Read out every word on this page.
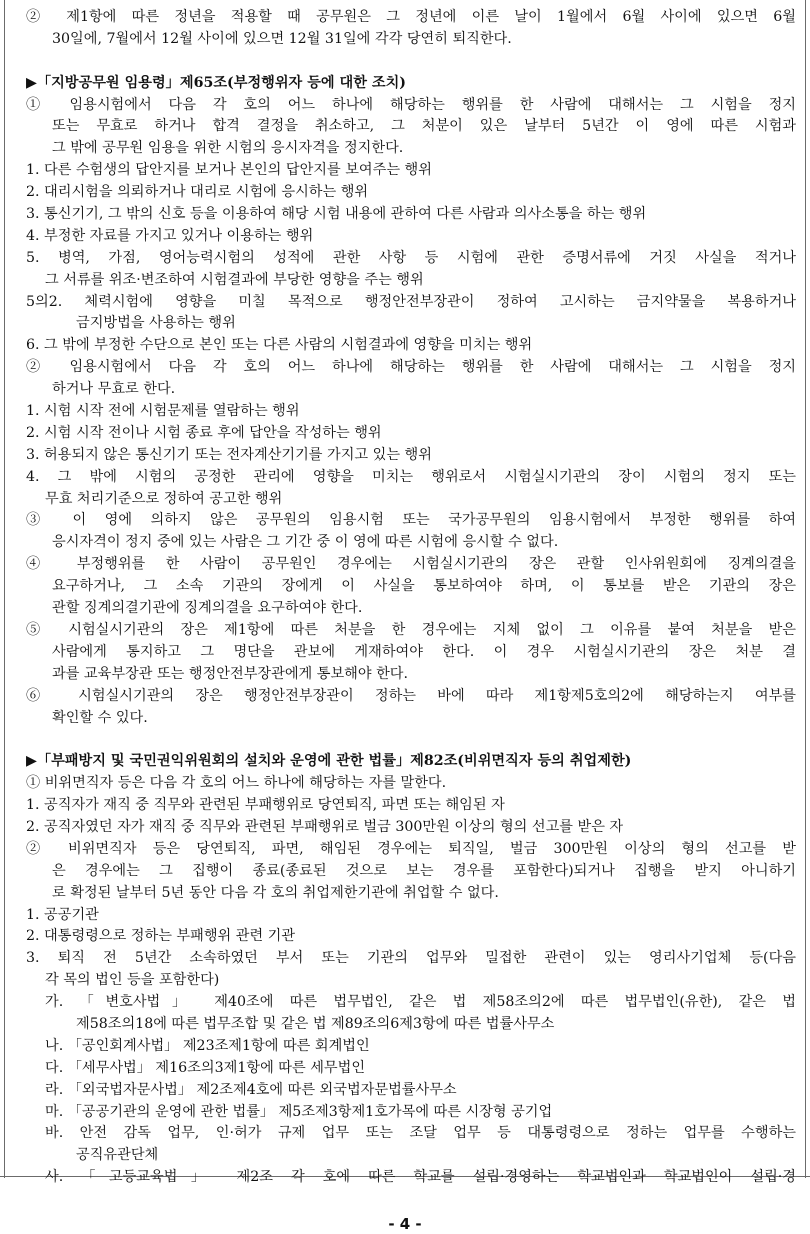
② 제1항에 따른 정년을 적용할 때 공무원은 그 정년에 이른 날이 1월에서 6월 사이에 있으면 6월
30일에, 7월에서 12월 사이에 있으면 12월 31일에 각각 당연히 퇴직한다.
▶「지방공무원 임용령」제65조(부정행위자 등에 대한 조치)
① 임용시험에서 다음 각 호의 어느 하나에 해당하는 행위를 한 사람에 대해서는 그 시험을 정지
또는 무효로 하거나 합격 결정을 취소하고, 그 처분이 있은 날부터 5년간 이 영에 따른 시험과
그 밖에 공무원 임용을 위한 시험의 응시자격을 정지한다.
1. 다른 수험생의 답안지를 보거나 본인의 답안지를 보여주는 행위
2. 대리시험을 의뢰하거나 대리로 시험에 응시하는 행위
3. 통신기기, 그 밖의 신호 등을 이용하여 해당 시험 내용에 관하여 다른 사람과 의사소통을 하는 행위
4. 부정한 자료를 가지고 있거나 이용하는 행위
5. 병역, 가점, 영어능력시험의 성적에 관한 사항 등 시험에 관한 증명서류에 거짓 사실을 적거나
그 서류를 위조·변조하여 시험결과에 부당한 영향을 주는 행위
5의2. 체력시험에 영향을 미칠 목적으로 행정안전부장관이 정하여 고시하는 금지약물을 복용하거나
금지방법을 사용하는 행위
6. 그 밖에 부정한 수단으로 본인 또는 다른 사람의 시험결과에 영향을 미치는 행위
② 임용시험에서 다음 각 호의 어느 하나에 해당하는 행위를 한 사람에 대해서는 그 시험을 정지
하거나 무효로 한다.
1. 시험 시작 전에 시험문제를 열람하는 행위
2. 시험 시작 전이나 시험 종료 후에 답안을 작성하는 행위
3. 허용되지 않은 통신기기 또는 전자계산기기를 가지고 있는 행위
4. 그 밖에 시험의 공정한 관리에 영향을 미치는 행위로서 시험실시기관의 장이 시험의 정지 또는
무효 처리기준으로 정하여 공고한 행위
③ 이 영에 의하지 않은 공무원의 임용시험 또는 국가공무원의 임용시험에서 부정한 행위를 하여
응시자격이 정지 중에 있는 사람은 그 기간 중 이 영에 따른 시험에 응시할 수 없다.
④ 부정행위를 한 사람이 공무원인 경우에는 시험실시기관의 장은 관할 인사위원회에 징계의결을
요구하거나, 그 소속 기관의 장에게 이 사실을 통보하여야 하며, 이 통보를 받은 기관의 장은
관할 징계의결기관에 징계의결을 요구하여야 한다.
⑤ 시험실시기관의 장은 제1항에 따른 처분을 한 경우에는 지체 없이 그 이유를 붙여 처분을 받은
사람에게 통지하고 그 명단을 관보에 게재하여야 한다. 이 경우 시험실시기관의 장은 처분 결
과를 교육부장관 또는 행정안전부장관에게 통보해야 한다.
⑥ 시험실시기관의 장은 행정안전부장관이 정하는 바에 따라 제1항제5호의2에 해당하는지 여부를
확인할 수 있다.
▶「부패방지 및 국민권익위원회의 설치와 운영에 관한 법률」제82조(비위면직자 등의 취업제한)
① 비위면직자 등은 다음 각 호의 어느 하나에 해당하는 자를 말한다.
1. 공직자가 재직 중 직무와 관련된 부패행위로 당연퇴직, 파면 또는 해임된 자
2. 공직자였던 자가 재직 중 직무와 관련된 부패행위로 벌금 300만원 이상의 형의 선고를 받은 자
② 비위면직자 등은 당연퇴직, 파면, 해임된 경우에는 퇴직일, 벌금 300만원 이상의 형의 선고를 받
은 경우에는 그 집행이 종료(종료된 것으로 보는 경우를 포함한다)되거나 집행을 받지 아니하기
로 확정된 날부터 5년 동안 다음 각 호의 취업제한기관에 취업할 수 없다.
1. 공공기관
2. 대통령령으로 정하는 부패행위 관련 기관
3. 퇴직 전 5년간 소속하였던 부서 또는 기관의 업무와 밀접한 관련이 있는 영리사기업체 등(다음
각 목의 법인 등을 포함한다)
가. 「변호사법」 제40조에 따른 법무법인, 같은 법 제58조의2에 따른 법무법인(유한), 같은 법
제58조의18에 따른 법무조합 및 같은 법 제89조의6제3항에 따른 법률사무소
나. 「공인회계사법」 제23조제1항에 따른 회계법인
다. 「세무사법」 제16조의3제1항에 따른 세무법인
라. 「외국법자문사법」 제2조제4호에 따른 외국법자문법률사무소
마. 「공공기관의 운영에 관한 법률」 제5조제3항제1호가목에 따른 시장형 공기업
바. 안전 감독 업무, 인·허가 규제 업무 또는 조달 업무 등 대통령령으로 정하는 업무를 수행하는
공직유관단체
사. 「고등교육법」 제2조 각 호에 따른 학교를 설립·경영하는 학교법인과 학교법인이 설립·경
- 4 -
